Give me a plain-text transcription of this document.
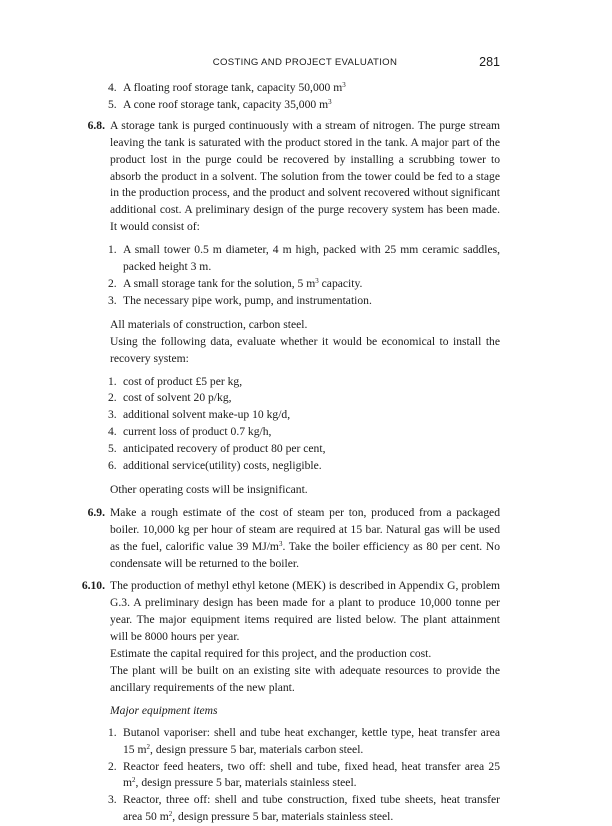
COSTING AND PROJECT EVALUATION	281
4. A floating roof storage tank, capacity 50,000 $m^3$
5. A cone roof storage tank, capacity 35,000 $m^3$
6.8. A storage tank is purged continuously with a stream of nitrogen. The purge stream leaving the tank is saturated with the product stored in the tank. A major part of the product lost in the purge could be recovered by installing a scrubbing tower to absorb the product in a solvent. The solution from the tower could be fed to a stage in the production process, and the product and solvent recovered without significant additional cost. A preliminary design of the purge recovery system has been made. It would consist of:
1. A small tower 0.5 m diameter, 4 m high, packed with 25 mm ceramic saddles, packed height 3 m.
2. A small storage tank for the solution, 5 $m^3$ capacity.
3. The necessary pipe work, pump, and instrumentation.
All materials of construction, carbon steel.
Using the following data, evaluate whether it would be economical to install the recovery system:
1. cost of product £5 per kg,
2. cost of solvent 20 p/kg,
3. additional solvent make-up 10 kg/d,
4. current loss of product 0.7 kg/h,
5. anticipated recovery of product 80 per cent,
6. additional service(utility) costs, negligible.
Other operating costs will be insignificant.
6.9. Make a rough estimate of the cost of steam per ton, produced from a packaged boiler. 10,000 kg per hour of steam are required at 15 bar. Natural gas will be used as the fuel, calorific value 39 $MJ/m^3$. Take the boiler efficiency as 80 per cent. No condensate will be returned to the boiler.
6.10. The production of methyl ethyl ketone (MEK) is described in Appendix G, problem G.3. A preliminary design has been made for a plant to produce 10,000 tonne per year. The major equipment items required are listed below. The plant attainment will be 8000 hours per year.
Estimate the capital required for this project, and the production cost.
The plant will be built on an existing site with adequate resources to provide the ancillary requirements of the new plant.
Major equipment items
1. Butanol vaporiser: shell and tube heat exchanger, kettle type, heat transfer area 15 $m^2$, design pressure 5 bar, materials carbon steel.
2. Reactor feed heaters, two off: shell and tube, fixed head, heat transfer area 25 $m^2$, design pressure 5 bar, materials stainless steel.
3. Reactor, three off: shell and tube construction, fixed tube sheets, heat transfer area 50 $m^2$, design pressure 5 bar, materials stainless steel.
